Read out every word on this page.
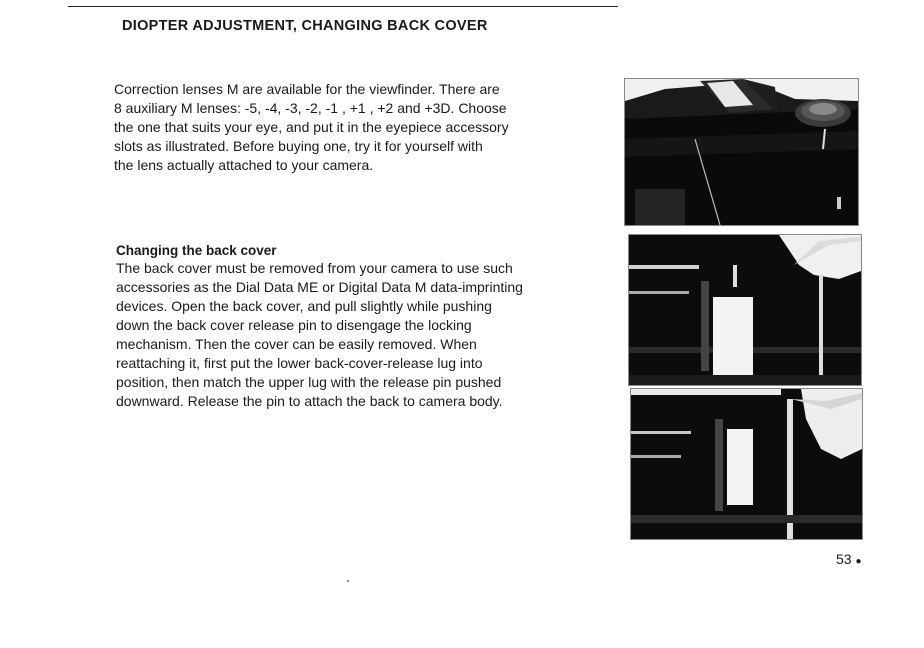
DIOPTER ADJUSTMENT, CHANGING BACK COVER

Correction lenses M are available for the viewfinder. There are
8 auxiliary M lenses: -5, -4, -3, -2, -1 , +1 , +2 and +3D. Choose
the one that suits your eye, and put it in the eyepiece accessory
slots as illustrated. Before buying one, try it for yourself with
the lens actually attached to your camera.

Changing the back cover

The back cover must be removed from your camera to use such
accessories as the Dial Data ME or Digital Data M data-imprinting
devices. Open the back cover, and pull slightly while pushing
down the back cover release pin to disengage the locking
mechanism. Then the cover can be easily removed. When
reattaching it, first put the lower back-cover-release lug into
position, then match the upper lug with the release pin pushed
downward. Release the pin to attach the back to camera body.

53 ●
